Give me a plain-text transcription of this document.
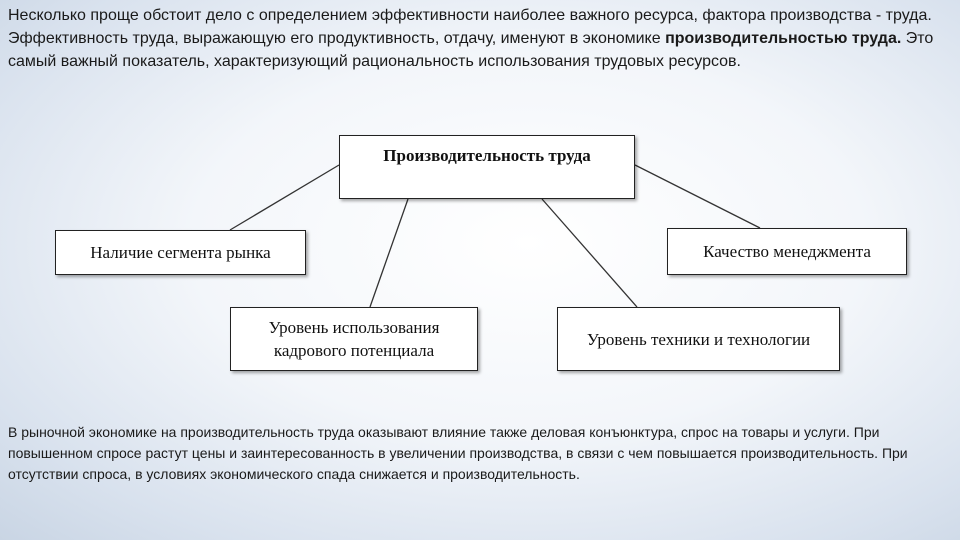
Несколько проще обстоит дело с определением эффективности наиболее важного ресурса, фактора производства - труда. Эффективность труда, выражающую его продуктивность, отдачу, именуют в экономике производительностью труда. Это самый важный показатель, характеризующий рациональность использования трудовых ресурсов.

Производительность труда
Наличие сегмента рынка	Качество менеджмента
Уровень использования кадрового потенциала
Уровень техники и технологии

В рыночной экономике на производительность труда оказывают влияние также деловая конъюнктура, спрос на товары и услуги. При повышенном спросе растут цены и заинтересованность в увеличении производства, в связи с чем повышается производительность. При отсутствии спроса, в условиях экономического спада снижается и производительность.
